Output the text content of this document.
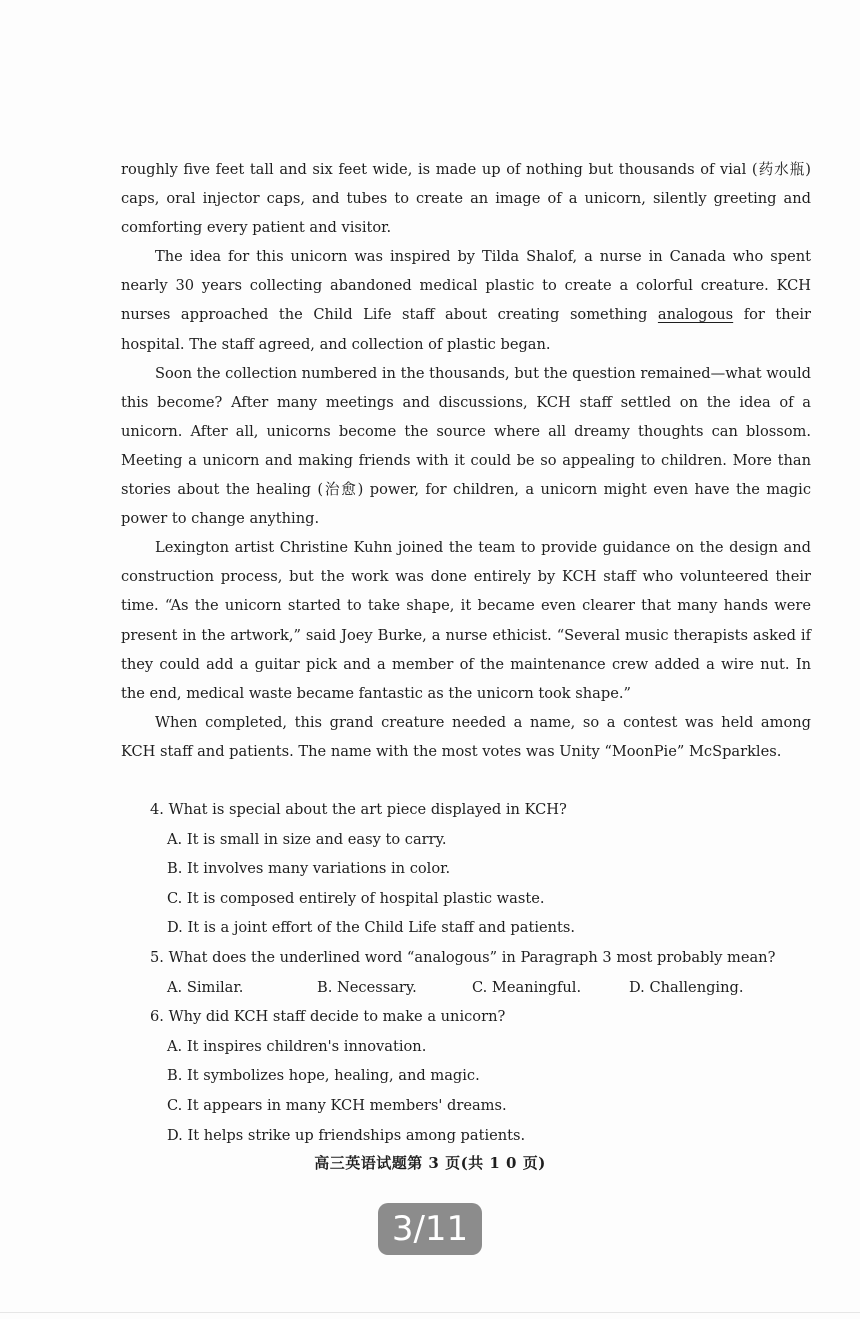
roughly five feet tall and six feet wide, is made up of nothing but thousands of vial (药水瓶) caps, oral injector caps, and tubes to create an image of a unicorn, silently greeting and comforting every patient and visitor.

The idea for this unicorn was inspired by Tilda Shalof, a nurse in Canada who spent nearly 30 years collecting abandoned medical plastic to create a colorful creature. KCH nurses approached the Child Life staff about creating something analogous for their hospital. The staff agreed, and collection of plastic began.

Soon the collection numbered in the thousands, but the question remained—what would this become? After many meetings and discussions, KCH staff settled on the idea of a unicorn. After all, unicorns become the source where all dreamy thoughts can blossom. Meeting a unicorn and making friends with it could be so appealing to children. More than stories about the healing (治愈) power, for children, a unicorn might even have the magic power to change anything.

Lexington artist Christine Kuhn joined the team to provide guidance on the design and construction process, but the work was done entirely by KCH staff who volunteered their time. “As the unicorn started to take shape, it became even clearer that many hands were present in the artwork,” said Joey Burke, a nurse ethicist. “Several music therapists asked if they could add a guitar pick and a member of the maintenance crew added a wire nut. In the end, medical waste became fantastic as the unicorn took shape.”

When completed, this grand creature needed a name, so a contest was held among KCH staff and patients. The name with the most votes was Unity “MoonPie” McSparkles.

4. What is special about the art piece displayed in KCH?

A. It is small in size and easy to carry.

B. It involves many variations in color.

C. It is composed entirely of hospital plastic waste.

D. It is a joint effort of the Child Life staff and patients.

5. What does the underlined word “analogous” in Paragraph 3 most probably mean?

A. Similar.	B. Necessary.	C. Meaningful.	D. Challenging.

6. Why did KCH staff decide to make a unicorn?

A. It inspires children's innovation.

B. It symbolizes hope, healing, and magic.

C. It appears in many KCH members' dreams.

D. It helps strike up friendships among patients.

高三英语试题第 3 页(共 1 0 页)
3/11
